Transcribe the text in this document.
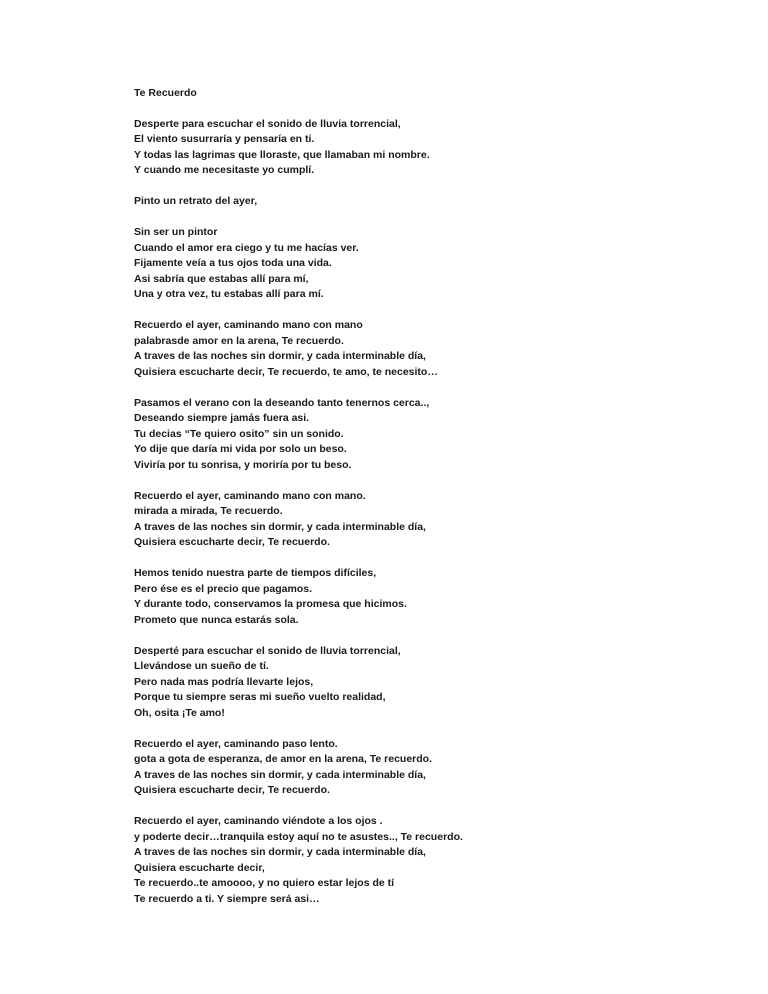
Te Recuerdo
Desperte para escuchar el sonido de lluvia torrencial,
El viento susurraría y pensaría en ti.
Y todas las lagrimas que lloraste, que llamaban mi nombre.
Y cuando me necesitaste yo cumplí.
Pinto un retrato del ayer,
Sin ser un pintor
Cuando el amor era ciego y tu me hacías ver.
Fijamente veía a tus ojos toda una vida.
Asi sabría que estabas allí para mí,
Una y otra vez, tu estabas allí para mí.
Recuerdo el ayer, caminando mano con mano
palabrasde amor en la arena, Te recuerdo.
A traves de las noches sin dormir, y cada interminable día,
Quisiera escucharte decir, Te recuerdo, te amo, te necesito…
Pasamos el verano con la deseando tanto tenernos cerca..,
Deseando siempre jamás fuera asi.
Tu decias “Te quiero osito” sin un sonido.
Yo dije que daría mi vida por solo un beso.
Viviría por tu sonrisa, y moriría por tu beso.
Recuerdo el ayer, caminando mano con mano.
mirada a mirada, Te recuerdo.
A traves de las noches sin dormir, y cada interminable día,
Quisiera escucharte decir, Te recuerdo.
Hemos tenido nuestra parte de tiempos difíciles,
Pero ése es el precio que pagamos.
Y durante todo, conservamos la promesa que hicimos.
Prometo que nunca estarás sola.
Desperté para escuchar el sonido de lluvia torrencial,
Llevándose un sueño de tí.
Pero nada mas podría llevarte lejos,
Porque tu siempre seras mi sueño vuelto realidad,
Oh, osita ¡Te amo!
Recuerdo el ayer, caminando paso lento.
gota a gota de esperanza, de amor en la arena, Te recuerdo.
A traves de las noches sin dormir, y cada interminable día,
Quisiera escucharte decir, Te recuerdo.
Recuerdo el ayer, caminando viéndote a los ojos .
y poderte decir…tranquila estoy aquí no te asustes.., Te recuerdo.
A traves de las noches sin dormir, y cada interminable día,
Quisiera escucharte decir,
Te recuerdo..te amoooo, y no quiero estar lejos de tí
Te recuerdo a ti. Y siempre será asi…
